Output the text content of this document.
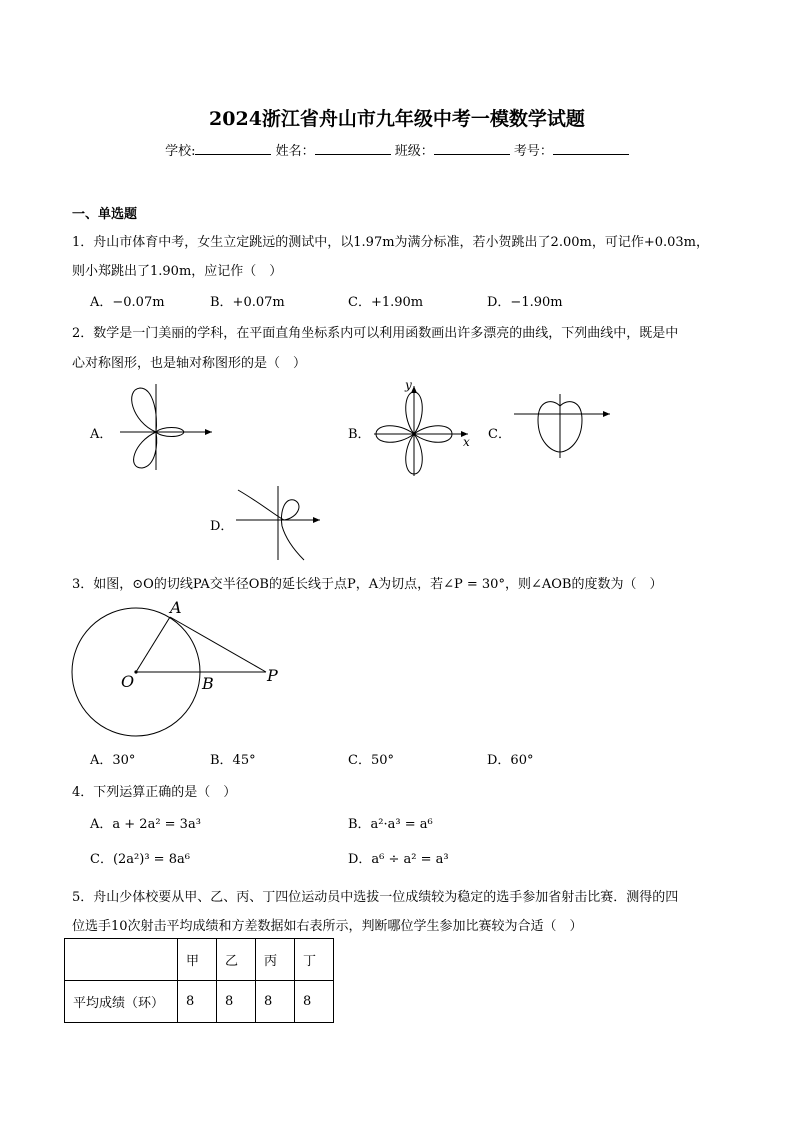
2024浙江省舟山市九年级中考一模数学试题
学校:	姓名：	班级：	考号：
一、单选题
1．舟山市体育中考，女生立定跳远的测试中，以1.97m为满分标准，若小贺跳出了2.00m，可记作+0.03m，
则小郑跳出了1.90m，应记作（　）
A．−0.07m	B．+0.07m	C．+1.90m	D．−1.90m
2．数学是一门美丽的学科，在平面直角坐标系内可以利用函数画出许多漂亮的曲线，下列曲线中，既是中
心对称图形，也是轴对称图形的是（　）
A．	B．
y
x C．
D．
3．如图，⊙O的切线PA交半径OB的延长线于点P，A为切点，若∠P = 30°，则∠AOB的度数为（　）
A
O	B	P
A．30°	B．45°	C．50°	D．60°
4．下列运算正确的是（　）
A．a + 2a² = 3a³	B．a²·a³ = a⁶
C．(2a²)³ = 8a⁶	D．a⁶ ÷ a² = a³
5．舟山少体校要从甲、乙、丙、丁四位运动员中选拔一位成绩较为稳定的选手参加省射击比赛．测得的四
位选手10次射击平均成绩和方差数据如右表所示，判断哪位学生参加比赛较为合适（　）
	甲	乙	丙	丁
平均成绩（环）	8	8	8	8
